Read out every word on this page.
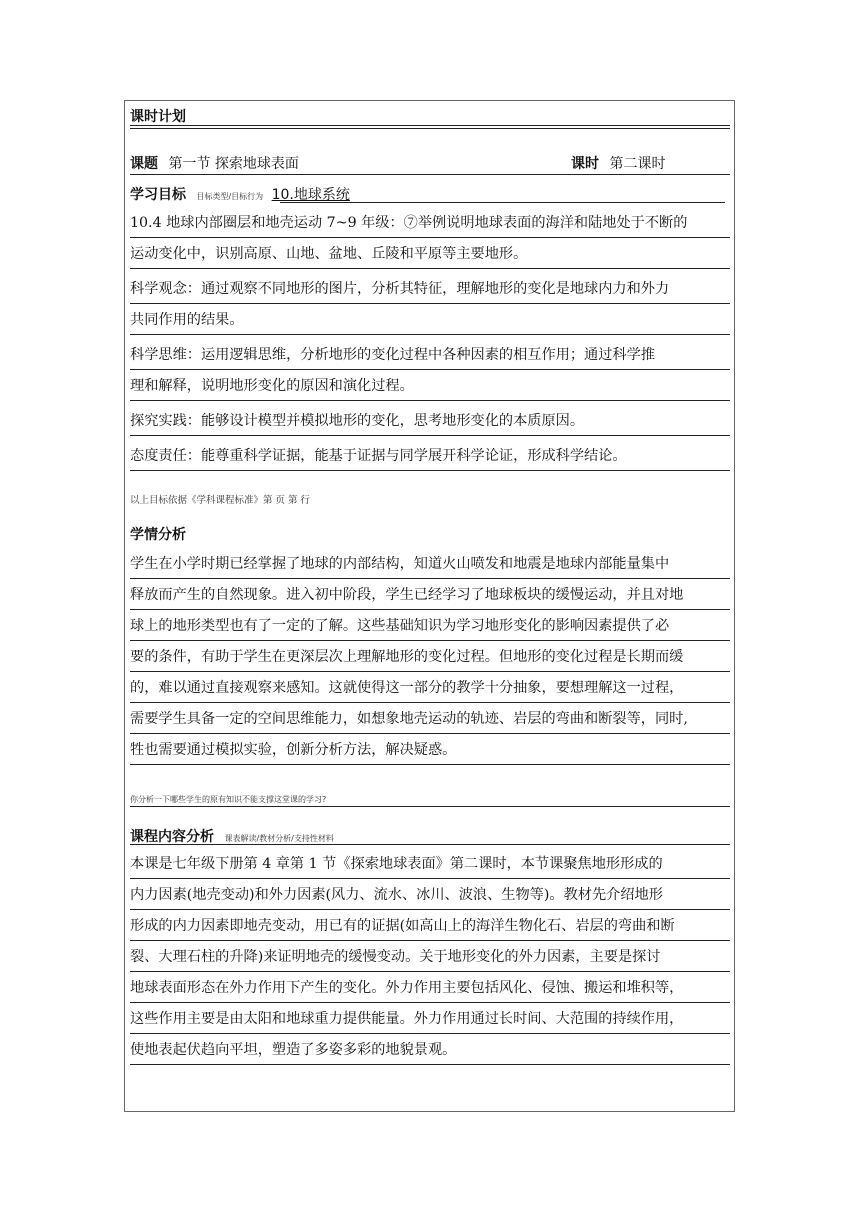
课时计划
课题 第一节 探索地球表面	课时 第二课时
学习目标 目标类型/目标行为 10.地球系统
10.4 地球内部圈层和地壳运动 7~9 年级：⑦举例说明地球表面的海洋和陆地处于不断的
运动变化中，识别高原、山地、盆地、丘陵和平原等主要地形。
科学观念：通过观察不同地形的图片，分析其特征，理解地形的变化是地球内力和外力
共同作用的结果。
科学思维：运用逻辑思维，分析地形的变化过程中各种因素的相互作用；通过科学推
理和解释，说明地形变化的原因和演化过程。
探究实践：能够设计模型并模拟地形的变化，思考地形变化的本质原因。
态度责任：能尊重科学证据，能基于证据与同学展开科学论证，形成科学结论。
以上目标依据《学科课程标准》第 页 第 行
学情分析
学生在小学时期已经掌握了地球的内部结构，知道火山喷发和地震是地球内部能量集中
释放而产生的自然现象。进入初中阶段，学生已经学习了地球板块的缓慢运动，并且对地
球上的地形类型也有了一定的了解。这些基础知识为学习地形变化的影响因素提供了必
要的条件，有助于学生在更深层次上理解地形的变化过程。但地形的变化过程是长期而缓
的，难以通过直接观察来感知。这就使得这一部分的教学十分抽象，要想理解这一过程，
需要学生具备一定的空间思维能力，如想象地壳运动的轨迹、岩层的弯曲和断裂等，同时,
牲也需要通过模拟实验，创新分析方法，解决疑惑。
你分析一下哪些学生的原有知识不能支撑这堂课的学习?
课程内容分析 课表解读/教材分析/支持性材料
本课是七年级下册第 4 章第 1 节《探索地球表面》第二课时，本节课聚焦地形形成的
内力因素(地壳变动)和外力因素(风力、流水、冰川、波浪、生物等)。教材先介绍地形
形成的内力因素即地壳变动，用已有的证据(如高山上的海洋生物化石、岩层的弯曲和断
裂、大理石柱的升降)来证明地壳的缓慢变动。关于地形变化的外力因素，主要是探讨
地球表面形态在外力作用下产生的变化。外力作用主要包括风化、侵蚀、搬运和堆积等，
这些作用主要是由太阳和地球重力提供能量。外力作用通过长时间、大范围的持续作用，
使地表起伏趋向平坦，塑造了多姿多彩的地貌景观。
